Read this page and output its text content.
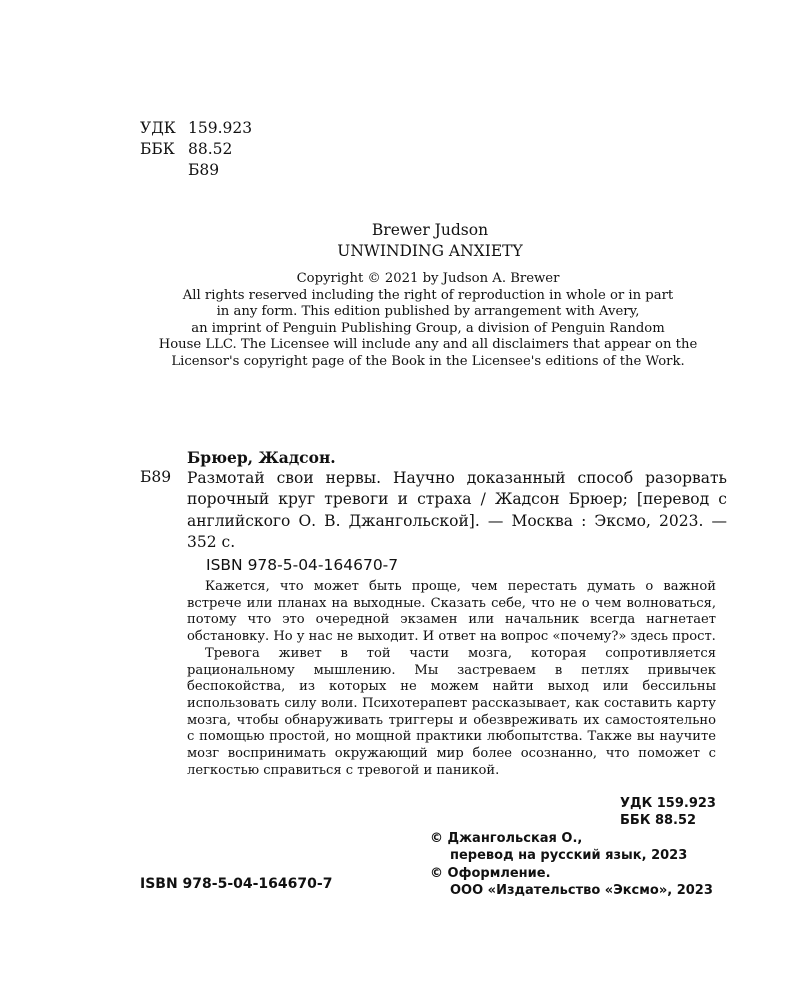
УДК 159.923
ББК 88.52
Б89
Brewer Judson
UNWINDING ANXIETY
Copyright © 2021 by Judson A. Brewer
All rights reserved including the right of reproduction in whole or in part
in any form. This edition published by arrangement with Avery,
an imprint of Penguin Publishing Group, a division of Penguin Random
House LLC. The Licensee will include any and all disclaimers that appear on the
Licensor's copyright page of the Book in the Licensee's editions of the Work.
Брюер, Жадсон.
Б89 Размотай свои нервы. Научно доказанный способ разорвать порочный круг тревоги и страха / Жадсон Брюер; [перевод с английского О. В. Джангольской]. — Москва : Эксмо, 2023. — 352 с.
ISBN 978-5-04-164670-7

Кажется, что может быть проще, чем перестать думать о важной встрече или планах на выходные. Сказать себе, что не о чем волноваться, потому что это очередной экзамен или начальник всегда нагнетает обстановку. Но у нас не выходит. И ответ на вопрос «почему?» здесь прост.

Тревога живет в той части мозга, которая сопротивляется рациональному мышлению. Мы застреваем в петлях привычек беспокойства, из которых не можем найти выход или бессильны использовать силу воли. Психотерапевт рассказывает, как составить карту мозга, чтобы обнаруживать триггеры и обезвреживать их самостоятельно с помощью простой, но мощной практики любопытства. Также вы научите мозг воспринимать окружающий мир более осознанно, что поможет с легкостью справиться с тревогой и паникой.

УДК 159.923
ББК 88.52
© Джангольская О.,
перевод на русский язык, 2023
© Оформление.
ООО «Издательство «Эксмо», 2023
ISBN 978-5-04-164670-7
